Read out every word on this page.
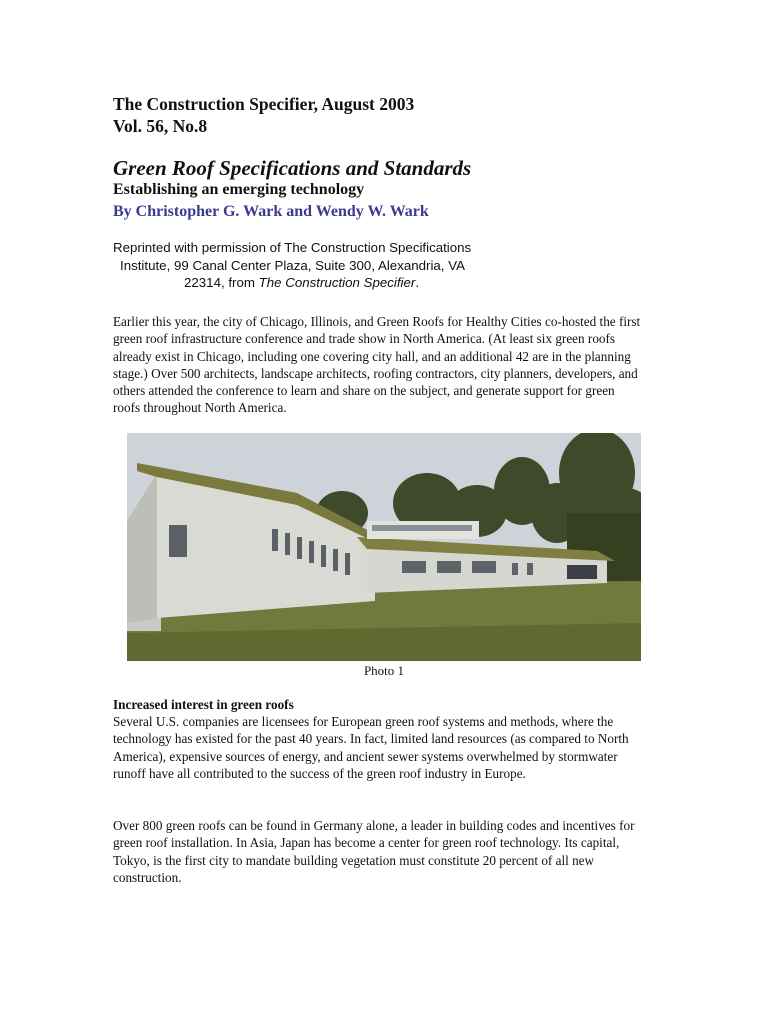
The Construction Specifier, August 2003
Vol. 56, No.8
Green Roof Specifications and Standards
Establishing an emerging technology
By Christopher G. Wark and Wendy W. Wark
Reprinted with permission of The Construction Specifications
Institute, 99 Canal Center Plaza, Suite 300, Alexandria, VA
22314, from The Construction Specifier.
Earlier this year, the city of Chicago, Illinois, and Green Roofs for Healthy Cities co-hosted the first green roof infrastructure conference and trade show in North America. (At least six green roofs already exist in Chicago, including one covering city hall, and an additional 42 are in the planning stage.) Over 500 architects, landscape architects, roofing contractors, city planners, developers, and others attended the conference to learn and share on the subject, and generate support for green roofs throughout North America.
Photo 1
Increased interest in green roofs
Several U.S. companies are licensees for European green roof systems and methods, where the technology has existed for the past 40 years. In fact, limited land resources (as compared to North America), expensive sources of energy, and ancient sewer systems overwhelmed by stormwater runoff have all contributed to the success of the green roof industry in Europe.
Over 800 green roofs can be found in Germany alone, a leader in building codes and incentives for green roof installation. In Asia, Japan has become a center for green roof technology. Its capital, Tokyo, is the first city to mandate building vegetation must constitute 20 percent of all new construction.
